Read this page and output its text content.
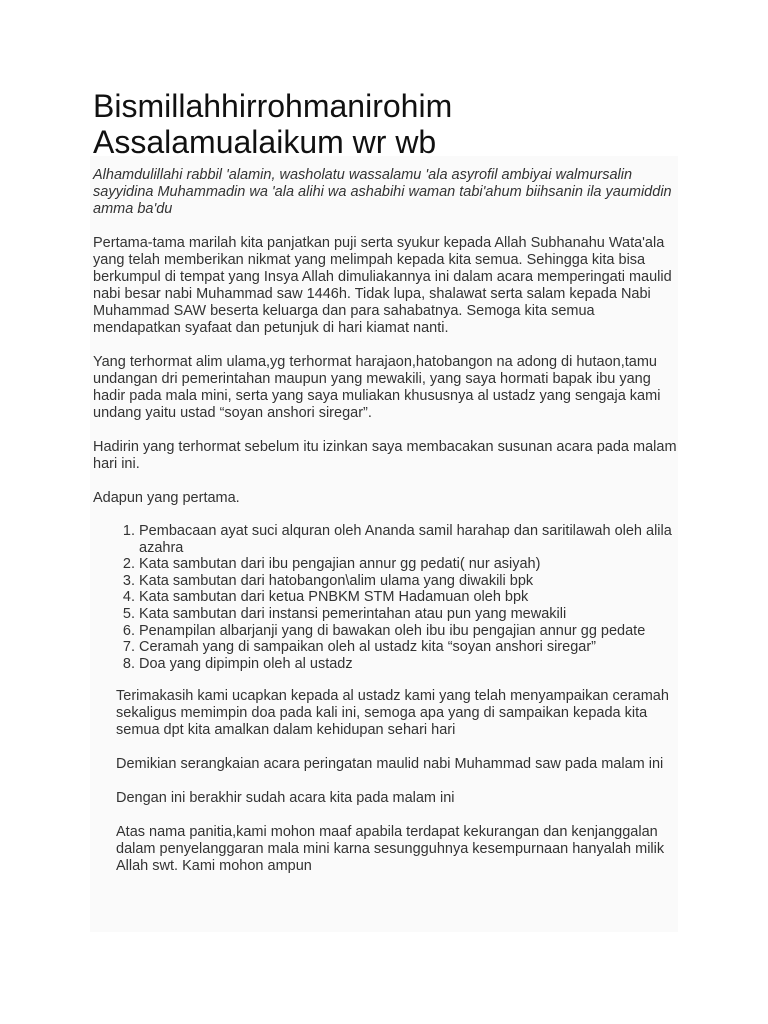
Bismillahhirrohmanirohim
Assalamualaikum wr wb

Alhamdulillahi rabbil 'alamin, washolatu wassalamu 'ala asyrofil ambiyai walmursalin sayyidina Muhammadin wa 'ala alihi wa ashabihi waman tabi'ahum biihsanin ila yaumiddin amma ba'du

Pertama-tama marilah kita panjatkan puji serta syukur kepada Allah Subhanahu Wata'ala yang telah memberikan nikmat yang melimpah kepada kita semua. Sehingga kita bisa berkumpul di tempat yang Insya Allah dimuliakannya ini dalam acara memperingati maulid nabi besar nabi Muhammad saw 1446h. Tidak lupa, shalawat serta salam kepada Nabi Muhammad SAW beserta keluarga dan para sahabatnya. Semoga kita semua mendapatkan syafaat dan petunjuk di hari kiamat nanti.

Yang terhormat alim ulama,yg terhormat harajaon,hatobangon na adong di hutaon,tamu undangan dri pemerintahan maupun yang mewakili, yang saya hormati bapak ibu yang hadir pada mala mini, serta yang saya muliakan khususnya al ustadz yang sengaja kami undang yaitu ustad “soyan anshori siregar”.

Hadirin yang terhormat sebelum itu izinkan saya membacakan susunan acara pada malam hari ini.

Adapun yang pertama.

1. Pembacaan ayat suci alquran oleh Ananda samil harahap dan saritilawah oleh alila azahra
2. Kata sambutan dari ibu pengajian annur gg pedati( nur asiyah)
3. Kata sambutan dari hatobangon\alim ulama yang diwakili bpk
4. Kata sambutan dari ketua PNBKM STM Hadamuan oleh bpk
5. Kata sambutan dari instansi pemerintahan atau pun yang mewakili
6. Penampilan albarjanji yang di bawakan oleh ibu ibu pengajian annur gg pedate
7. Ceramah yang di sampaikan oleh al ustadz kita “soyan anshori siregar”
8. Doa yang dipimpin oleh al ustadz

Terimakasih kami ucapkan kepada al ustadz kami yang telah menyampaikan ceramah sekaligus memimpin doa pada kali ini, semoga apa yang di sampaikan kepada kita semua dpt kita amalkan dalam kehidupan sehari hari

Demikian serangkaian acara peringatan maulid nabi Muhammad saw pada malam ini

Dengan ini berakhir sudah acara kita pada malam ini

Atas nama panitia,kami mohon maaf apabila terdapat kekurangan dan kenjanggalan dalam penyelanggaran mala mini karna sesungguhnya kesempurnaan hanyalah milik Allah swt. Kami mohon ampun
